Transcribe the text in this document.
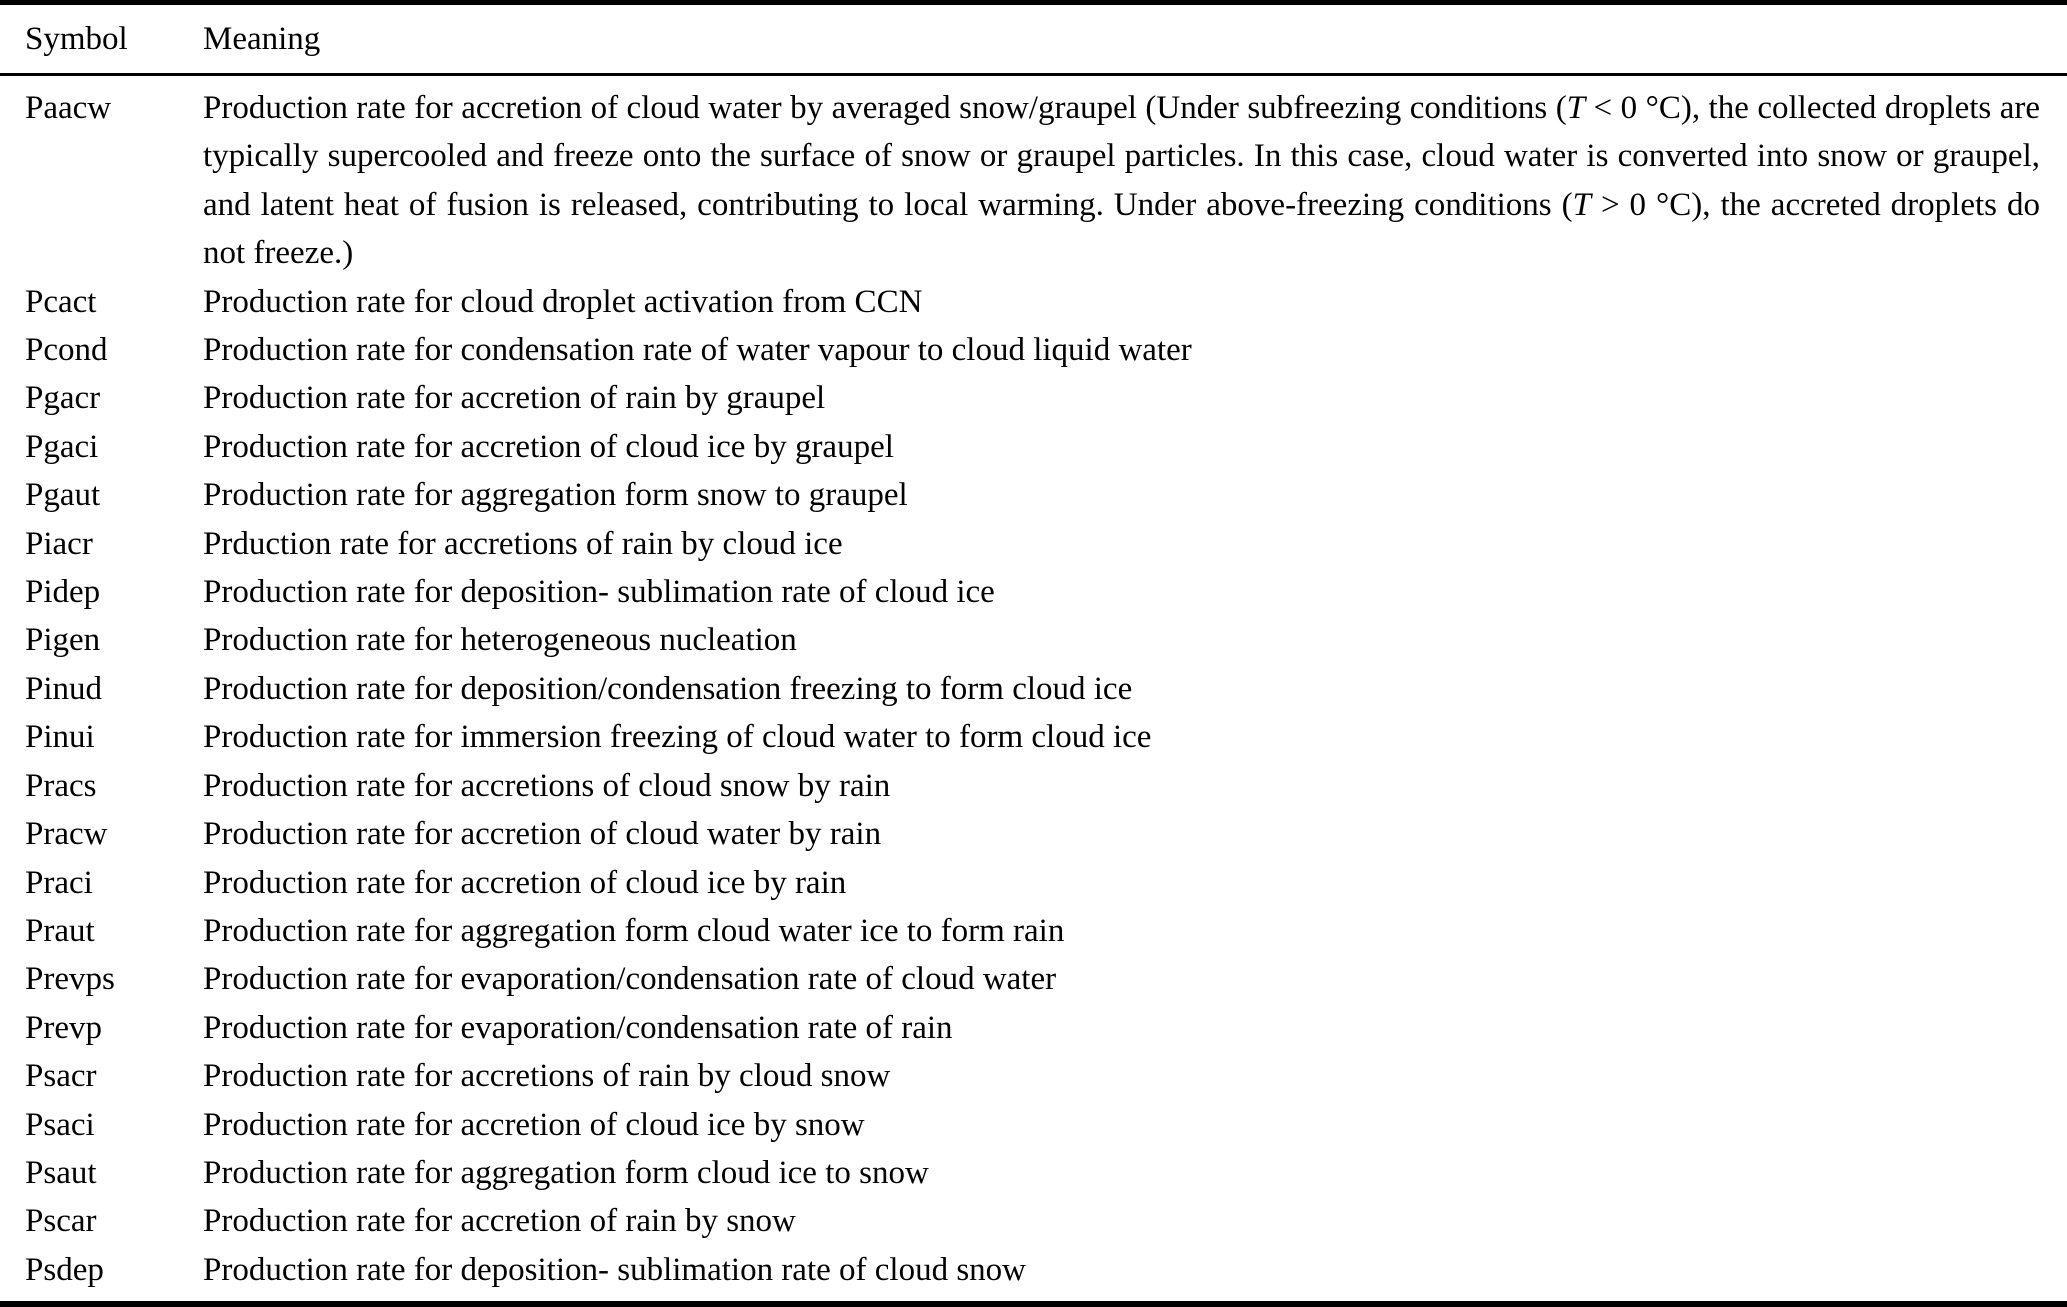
Symbol	Meaning
Paacw	Production rate for accretion of cloud water by averaged snow/graupel (Under subfreezing conditions (T < 0 °C), the collected droplets are typically supercooled and freeze onto the surface of snow or graupel particles. In this case, cloud water is converted into snow or graupel, and latent heat of fusion is released, contributing to local warming. Under above-freezing conditions (T > 0 °C), the accreted droplets do not freeze.)
Pcact	Production rate for cloud droplet activation from CCN
Pcond	Production rate for condensation rate of water vapour to cloud liquid water
Pgacr	Production rate for accretion of rain by graupel
Pgaci	Production rate for accretion of cloud ice by graupel
Pgaut	Production rate for aggregation form snow to graupel
Piacr	Prduction rate for accretions of rain by cloud ice
Pidep	Production rate for deposition- sublimation rate of cloud ice
Pigen	Production rate for heterogeneous nucleation
Pinud	Production rate for deposition/condensation freezing to form cloud ice
Pinui	Production rate for immersion freezing of cloud water to form cloud ice
Pracs	Production rate for accretions of cloud snow by rain
Pracw	Production rate for accretion of cloud water by rain
Praci	Production rate for accretion of cloud ice by rain
Praut	Production rate for aggregation form cloud water ice to form rain
Prevps	Production rate for evaporation/condensation rate of cloud water
Prevp	Production rate for evaporation/condensation rate of rain
Psacr	Production rate for accretions of rain by cloud snow
Psaci	Production rate for accretion of cloud ice by snow
Psaut	Production rate for aggregation form cloud ice to snow
Pscar	Production rate for accretion of rain by snow
Psdep	Production rate for deposition- sublimation rate of cloud snow
